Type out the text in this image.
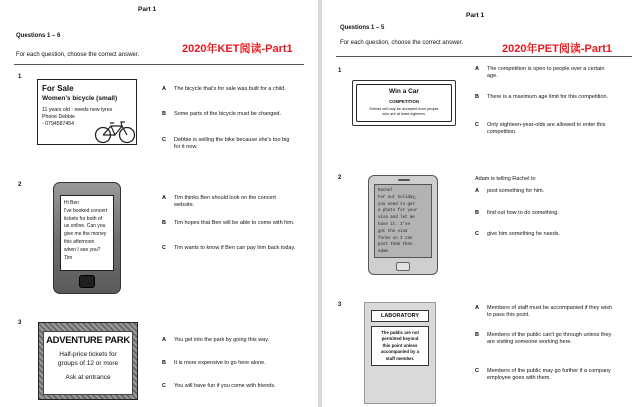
Part 1
Questions 1 – 6
For each question, choose the correct answer.	2020年KET阅读-Part1
1
For Sale
Women's bicycle (small)
11 years old - needs new tyres
Phone Debbie
- 0794587454
A	The bicycle that's for sale was built for a child.
B	Some parts of the bicycle must be changed.
C	Debbie is selling the bike because she's too big for it now.
2
Hi Ben
I've booked concert
tickets for both of
us online. Can you
give me the money
this afternoon
when I see you?
Tim
A	Tim thinks Ben should look on the concert website.
B	Tim hopes that Ben will be able to come with him.
C	Tim wants to know if Ben can pay him back today.
3
ADVENTURE PARK
Half-price tickets for
groups of 12 or more
Ask at entrance
A	You get into the park by going this way.
B	It is more expensive to go here alone.
C	You will have fun if you come with friends.
Part 1
Questions 1 – 5
For each question, choose the correct answer.	2020年PET阅读-Part1
1
Win a Car
COMPETITION
Entries will only be accepted from people
who are at least eighteen.
A	The competition is open to people over a certain age.
B	There is a maximum age limit for this competition.
C	Only eighteen-year-olds are allowed to enter this competition.
2
Rachel
For our holiday,
you need to get
a photo for your
visa and let me
have it. I've
got the visa
forms so I can
post them then.
Adam
Adam is telling Rachel to
A	post something for him.
B	find out how to do something.
C	give him something he needs.
3
LABORATORY
The public are not
permitted beyond
this point unless
accompanied by a
staff member.
A	Members of staff must be accompanied if they wish to pass this point.
B	Members of the public can't go through unless they are visiting someone working here.
C	Members of the public may go further if a company employee goes with them.
